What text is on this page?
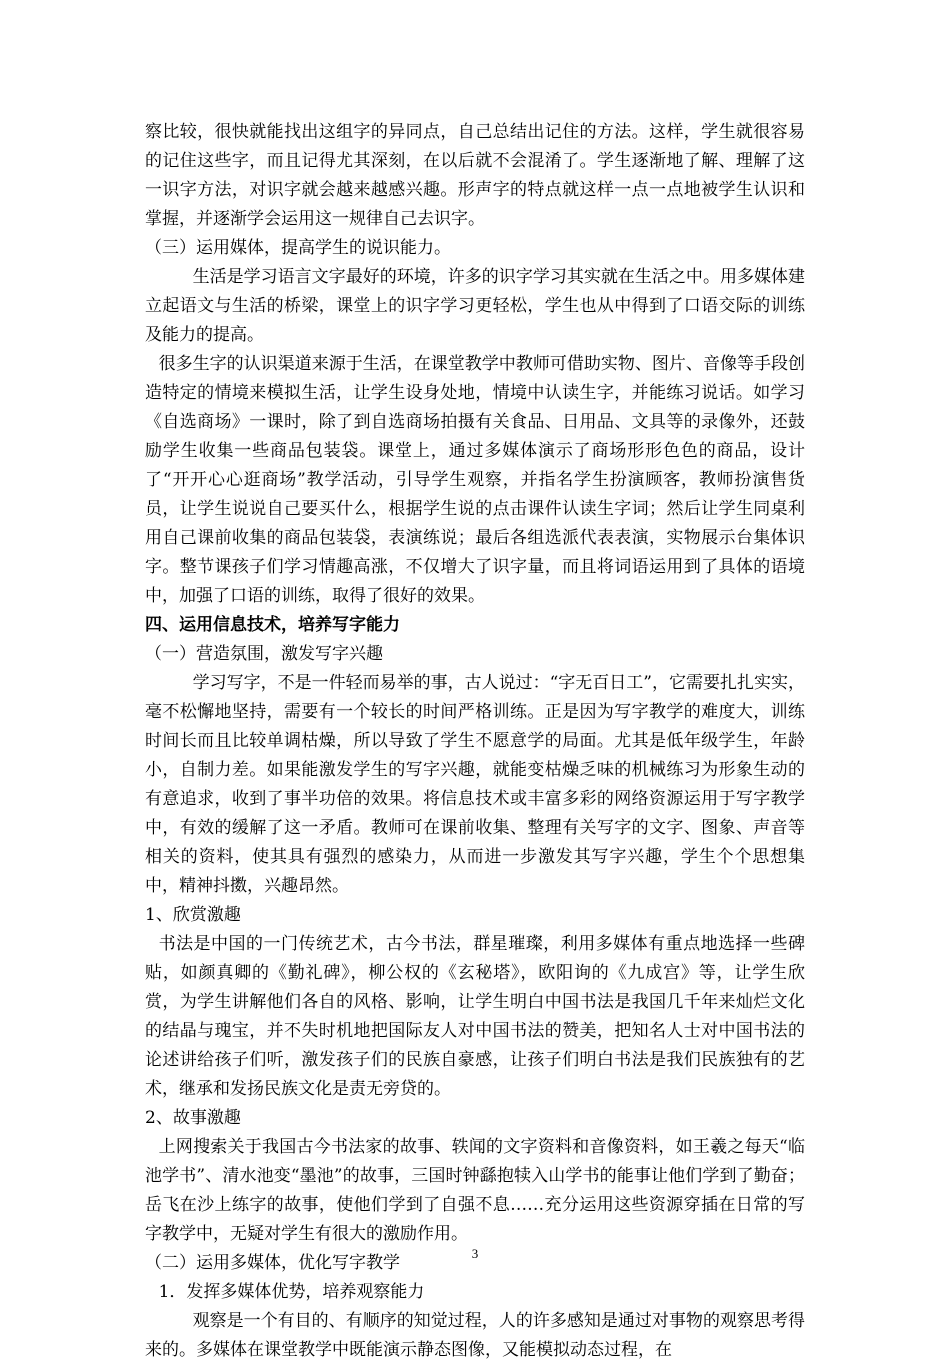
察比较，很快就能找出这组字的异同点，自己总结出记住的方法。这样，学生就很容易的记住这些字，而且记得尤其深刻，在以后就不会混淆了。学生逐渐地了解、理解了这一识字方法，对识字就会越来越感兴趣。形声字的特点就这样一点一点地被学生认识和掌握，并逐渐学会运用这一规律自己去识字。

（三）运用媒体，提高学生的说识能力。

生活是学习语言文字最好的环境，许多的识字学习其实就在生活之中。用多媒体建立起语文与生活的桥梁，课堂上的识字学习更轻松，学生也从中得到了口语交际的训练及能力的提高。

很多生字的认识渠道来源于生活，在课堂教学中教师可借助实物、图片、音像等手段创造特定的情境来模拟生活，让学生设身处地，情境中认读生字，并能练习说话。如学习《自选商场》一课时，除了到自选商场拍摄有关食品、日用品、文具等的录像外，还鼓励学生收集一些商品包装袋。课堂上，通过多媒体演示了商场形形色色的商品，设计了“开开心心逛商场”教学活动，引导学生观察，并指名学生扮演顾客，教师扮演售货员，让学生说说自己要买什么，根据学生说的点击课件认读生字词；然后让学生同桌利用自己课前收集的商品包装袋，表演练说；最后各组选派代表表演，实物展示台集体识字。整节课孩子们学习情趣高涨，不仅增大了识字量，而且将词语运用到了具体的语境中，加强了口语的训练，取得了很好的效果。

四、运用信息技术，培养写字能力

（一）营造氛围，激发写字兴趣

学习写字，不是一件轻而易举的事，古人说过：“字无百日工”，它需要扎扎实实，毫不松懈地坚持，需要有一个较长的时间严格训练。正是因为写字教学的难度大，训练时间长而且比较单调枯燥，所以导致了学生不愿意学的局面。尤其是低年级学生，年龄小，自制力差。如果能激发学生的写字兴趣，就能变枯燥乏味的机械练习为形象生动的有意追求，收到了事半功倍的效果。将信息技术或丰富多彩的网络资源运用于写字教学中，有效的缓解了这一矛盾。教师可在课前收集、整理有关写字的文字、图象、声音等相关的资料，使其具有强烈的感染力，从而进一步激发其写字兴趣，学生个个思想集中，精神抖擞，兴趣昂然。

1、欣赏激趣

书法是中国的一门传统艺术，古今书法，群星璀璨，利用多媒体有重点地选择一些碑贴，如颜真卿的《勤礼碑》，柳公权的《玄秘塔》，欧阳询的《九成宫》等，让学生欣赏，为学生讲解他们各自的风格、影响，让学生明白中国书法是我国几千年来灿烂文化的结晶与瑰宝，并不失时机地把国际友人对中国书法的赞美，把知名人士对中国书法的论述讲给孩子们听，激发孩子们的民族自豪感，让孩子们明白书法是我们民族独有的艺术，继承和发扬民族文化是责无旁贷的。

2、故事激趣

上网搜索关于我国古今书法家的故事、轶闻的文字资料和音像资料，如王羲之每天“临池学书”、清水池变“墨池”的故事，三国时钟繇抱犊入山学书的能事让他们学到了勤奋；岳飞在沙上练字的故事，使他们学到了自强不息……充分运用这些资源穿插在日常的写字教学中，无疑对学生有很大的激励作用。

（二）运用多媒体，优化写字教学

1．发挥多媒体优势，培养观察能力

观察是一个有目的、有顺序的知觉过程，人的许多感知是通过对事物的观察思考得来的。多媒体在课堂教学中既能演示静态图像，又能模拟动态过程，在

3
